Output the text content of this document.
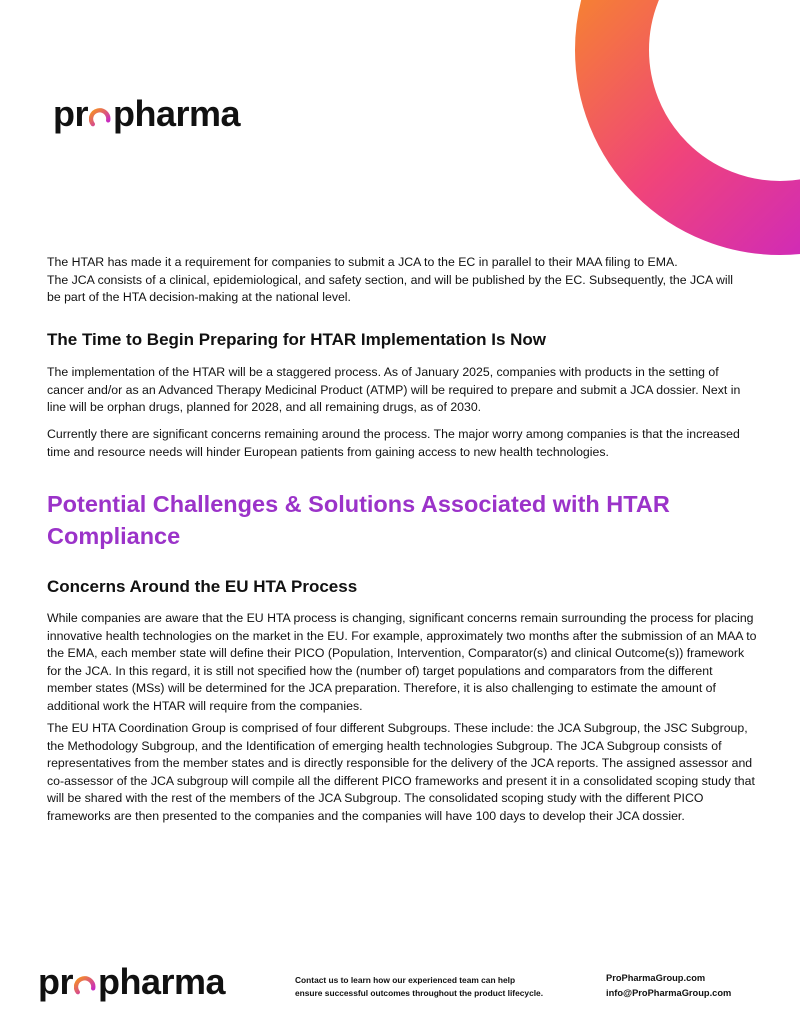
pr pharma

The HTAR has made it a requirement for companies to submit a JCA to the EC in parallel to their MAA filing to EMA.

The JCA consists of a clinical, epidemiological, and safety section, and will be published by the EC. Subsequently, the JCA will

be part of the HTA decision-making at the national level.

The Time to Begin Preparing for HTAR Implementation Is Now

The implementation of the HTAR will be a staggered process. As of January 2025, companies with products in the setting of cancer and/or as an Advanced Therapy Medicinal Product (ATMP) will be required to prepare and submit a JCA dossier. Next in line will be orphan drugs, planned for 2028, and all remaining drugs, as of 2030.

Currently there are significant concerns remaining around the process. The major worry among companies is that the increased time and resource needs will hinder European patients from gaining access to new health technologies.

Potential Challenges & Solutions Associated with HTAR Compliance
Concerns Around the EU HTA Process

While companies are aware that the EU HTA process is changing, significant concerns remain surrounding the process for placing innovative health technologies on the market in the EU. For example, approximately two months after the submission of an MAA to the EMA, each member state will define their PICO (Population, Intervention, Comparator(s) and clinical Outcome(s)) framework for the JCA. In this regard, it is still not specified how the (number of) target populations and comparators from the different member states (MSs) will be determined for the JCA preparation. Therefore, it is also challenging to estimate the amount of additional work the HTAR will require from the companies.

The EU HTA Coordination Group is comprised of four different Subgroups. These include: the JCA Subgroup, the JSC Subgroup, the Methodology Subgroup, and the Identification of emerging health technologies Subgroup. The JCA Subgroup consists of representatives from the member states and is directly responsible for the delivery of the JCA reports. The assigned assessor and co-assessor of the JCA subgroup will compile all the different PICO frameworks and present it in a consolidated scoping study that will be shared with the rest of the members of the JCA Subgroup. The consolidated scoping study with the different PICO frameworks are then presented to the companies and the companies will have 100 days to develop their JCA dossier.

pr pharma	Contact us to learn how our experienced team can help
ensure successful outcomes throughout the product lifecycle.
ProPharmaGroup.com
info@ProPharmaGroup.com
